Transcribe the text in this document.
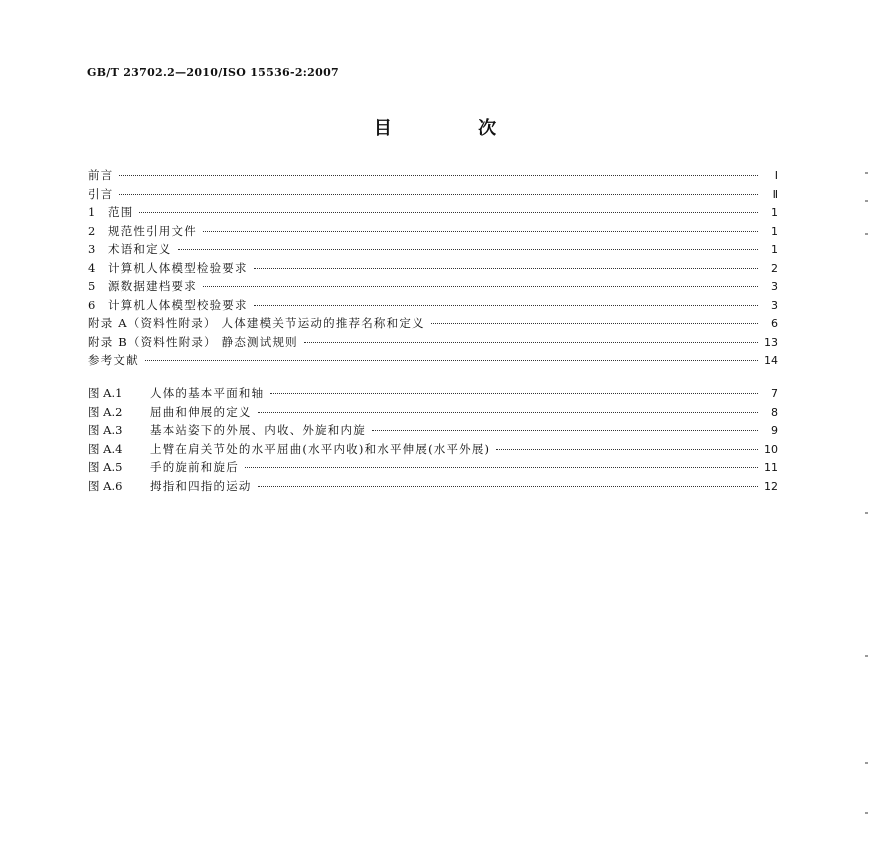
GB/T 23702.2—2010/ISO 15536-2:2007
目 次
前言	Ⅰ
引言	Ⅱ
1	范围	1
2	规范性引用文件	1
3	术语和定义	1
4	计算机人体模型检验要求	2
5	源数据建档要求	3
6	计算机人体模型校验要求	3
附录 A（资料性附录） 人体建模关节运动的推荐名称和定义	6
附录 B（资料性附录） 静态测试规则	13
参考文献	14
图 A.1	人体的基本平面和轴	7
图 A.2	屈曲和伸展的定义	8
图 A.3	基本站姿下的外展、内收、外旋和内旋	9
图 A.4	上臂在肩关节处的水平屈曲(水平内收)和水平伸展(水平外展)	10
图 A.5	手的旋前和旋后	11
图 A.6	拇指和四指的运动	12
